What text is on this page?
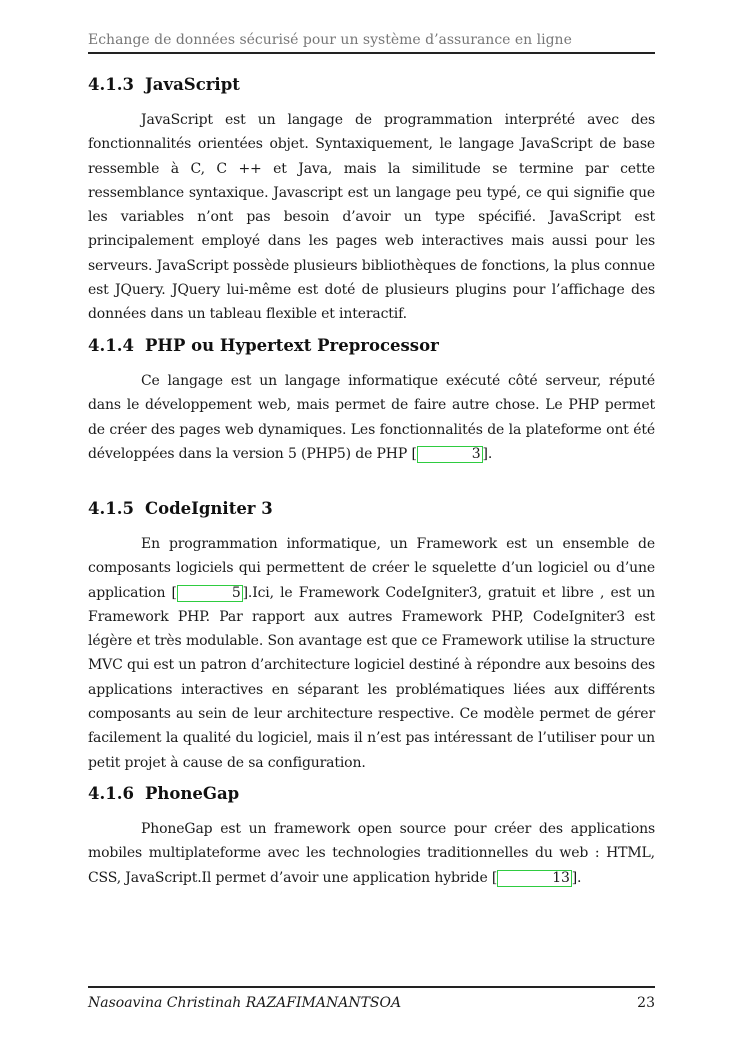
Echange de données sécurisé pour un système d’assurance en ligne
4.1.3 JavaScript

JavaScript est un langage de programmation interprété avec des fonctionnalités orientées objet. Syntaxiquement, le langage JavaScript de base ressemble à C, C ++ et Java, mais la similitude se termine par cette ressemblance syntaxique. Javascript est un langage peu typé, ce qui signifie que les variables n’ont pas besoin d’avoir un type spécifié. JavaScript est principalement employé dans les pages web interactives mais aussi pour les serveurs. JavaScript possède plusieurs bibliothèques de fonctions, la plus connue est JQuery. JQuery lui-même est doté de plusieurs plugins pour l’affichage des données dans un tableau flexible et interactif.

4.1.4 PHP ou Hypertext Preprocessor

Ce langage est un langage informatique exécuté côté serveur, réputé dans le développement web, mais permet de faire autre chose. Le PHP permet de créer des pages web dynamiques. Les fonctionnalités de la plateforme ont été développées dans la version 5 (PHP5) de PHP [	3 ].

4.1.5 CodeIgniter 3

En programmation informatique, un Framework est un ensemble de composants logiciels qui permettent de créer le squelette d’un logiciel ou d’une application [	5 ].Ici, le Framework CodeIgniter3, gratuit et libre , est un Framework PHP. Par rapport aux autres Framework PHP, CodeIgniter3 est légère et très modulable. Son avantage est que ce Framework utilise la structure MVC qui est un patron d’architecture logiciel destiné à répondre aux besoins des applications interactives en séparant les problématiques liées aux différents composants au sein de leur architecture respective. Ce modèle permet de gérer facilement la qualité du logiciel, mais il n’est pas intéressant de l’utiliser pour un petit projet à cause de sa configuration.

4.1.6 PhoneGap

PhoneGap est un framework open source pour créer des applications mobiles multiplateforme avec les technologies traditionnelles du web : HTML, CSS, JavaScript.Il permet d’avoir une application hybride [	13 ].

Nasoavina Christinah RAZAFIMANANTSOA	23
